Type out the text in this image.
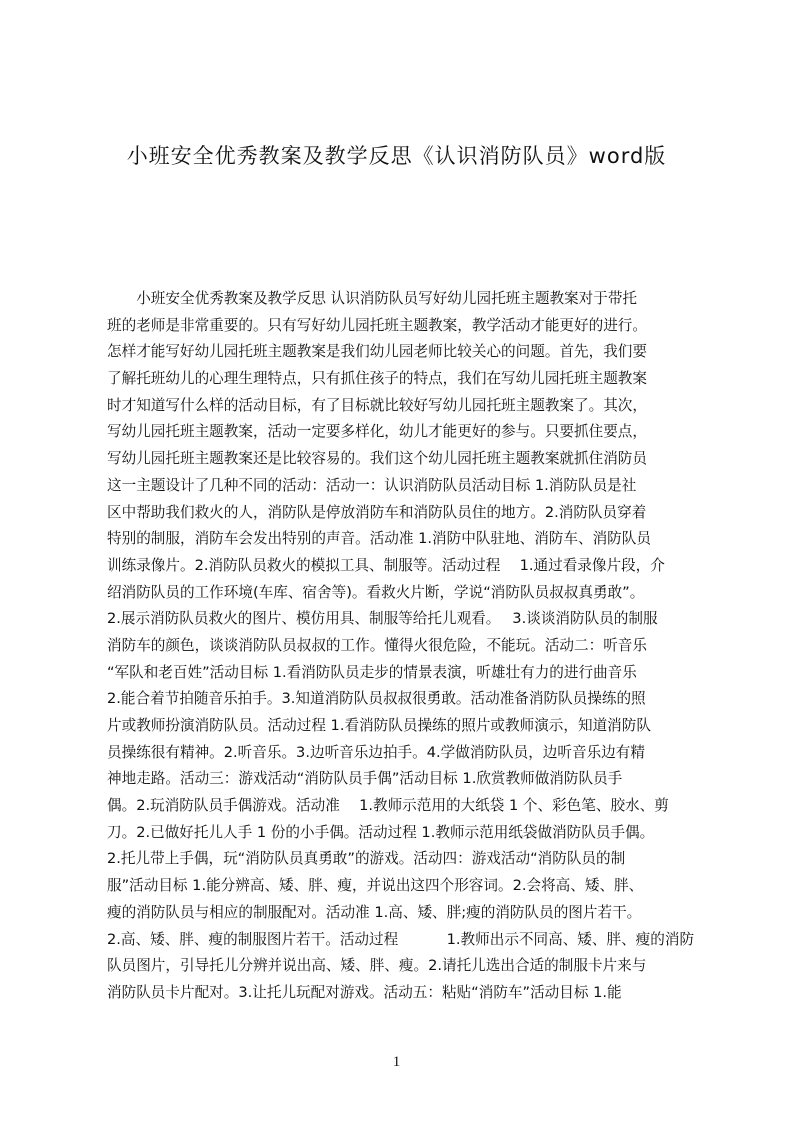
小班安全优秀教案及教学反思《认识消防队员》word版
　　小班安全优秀教案及教学反思 认识消防队员写好幼儿园托班主题教案对于带托
班的老师是非常重要的。只有写好幼儿园托班主题教案，教学活动才能更好的进行。
怎样才能写好幼儿园托班主题教案是我们幼儿园老师比较关心的问题。首先，我们要
了解托班幼儿的心理生理特点，只有抓住孩子的特点，我们在写幼儿园托班主题教案
时才知道写什么样的活动目标，有了目标就比较好写幼儿园托班主题教案了。其次，
写幼儿园托班主题教案，活动一定要多样化，幼儿才能更好的参与。只要抓住要点，
写幼儿园托班主题教案还是比较容易的。我们这个幼儿园托班主题教案就抓住消防员
这一主题设计了几种不同的活动：活动一：认识消防队员活动目标 1.消防队员是社
区中帮助我们救火的人，消防队是停放消防车和消防队员住的地方。2.消防队员穿着
特别的制服，消防车会发出特别的声音。活动准 1.消防中队驻地、消防车、消防队员
训练录像片。2.消防队员救火的模拟工具、制服等。活动过程　 1.通过看录像片段，介
绍消防队员的工作环境(车库、宿舍等)。看救火片断，学说“消防队员叔叔真勇敢”。
2.展示消防队员救火的图片、模仿用具、制服等给托儿观看。　 3.谈谈消防队员的制服
消防车的颜色，谈谈消防队员叔叔的工作。懂得火很危险，不能玩。活动二：听音乐
“军队和老百姓”活动目标 1.看消防队员走步的情景表演，听雄壮有力的进行曲音乐
2.能合着节拍随音乐拍手。3.知道消防队员叔叔很勇敢。活动准备消防队员操练的照
片或教师扮演消防队员。活动过程 1.看消防队员操练的照片或教师演示，知道消防队
员操练很有精神。2.听音乐。3.边听音乐边拍手。4.学做消防队员，边听音乐边有精
神地走路。活动三：游戏活动“消防队员手偶”活动目标 1.欣赏教师做消防队员手
偶。2.玩消防队员手偶游戏。活动准　 1.教师示范用的大纸袋 1 个、彩色笔、胶水、剪
刀。2.已做好托儿人手 1 份的小手偶。活动过程 1.教师示范用纸袋做消防队员手偶。
2.托儿带上手偶，玩“消防队员真勇敢”的游戏。活动四：游戏活动“消防队员的制
服”活动目标 1.能分辨高、矮、胖、瘦，并说出这四个形容词。2.会将高、矮、胖、
瘦的消防队员与相应的制服配对。活动准 1.高、矮、胖;瘦的消防队员的图片若干。
2.高、矮、胖、瘦的制服图片若干。活动过程　　　 1.教师出示不同高、矮、胖、瘦的消防
队员图片，引导托儿分辨并说出高、矮、胖、瘦。2.请托儿选出合适的制服卡片来与
消防队员卡片配对。3.让托儿玩配对游戏。活动五：粘贴“消防车”活动目标 1.能
1
